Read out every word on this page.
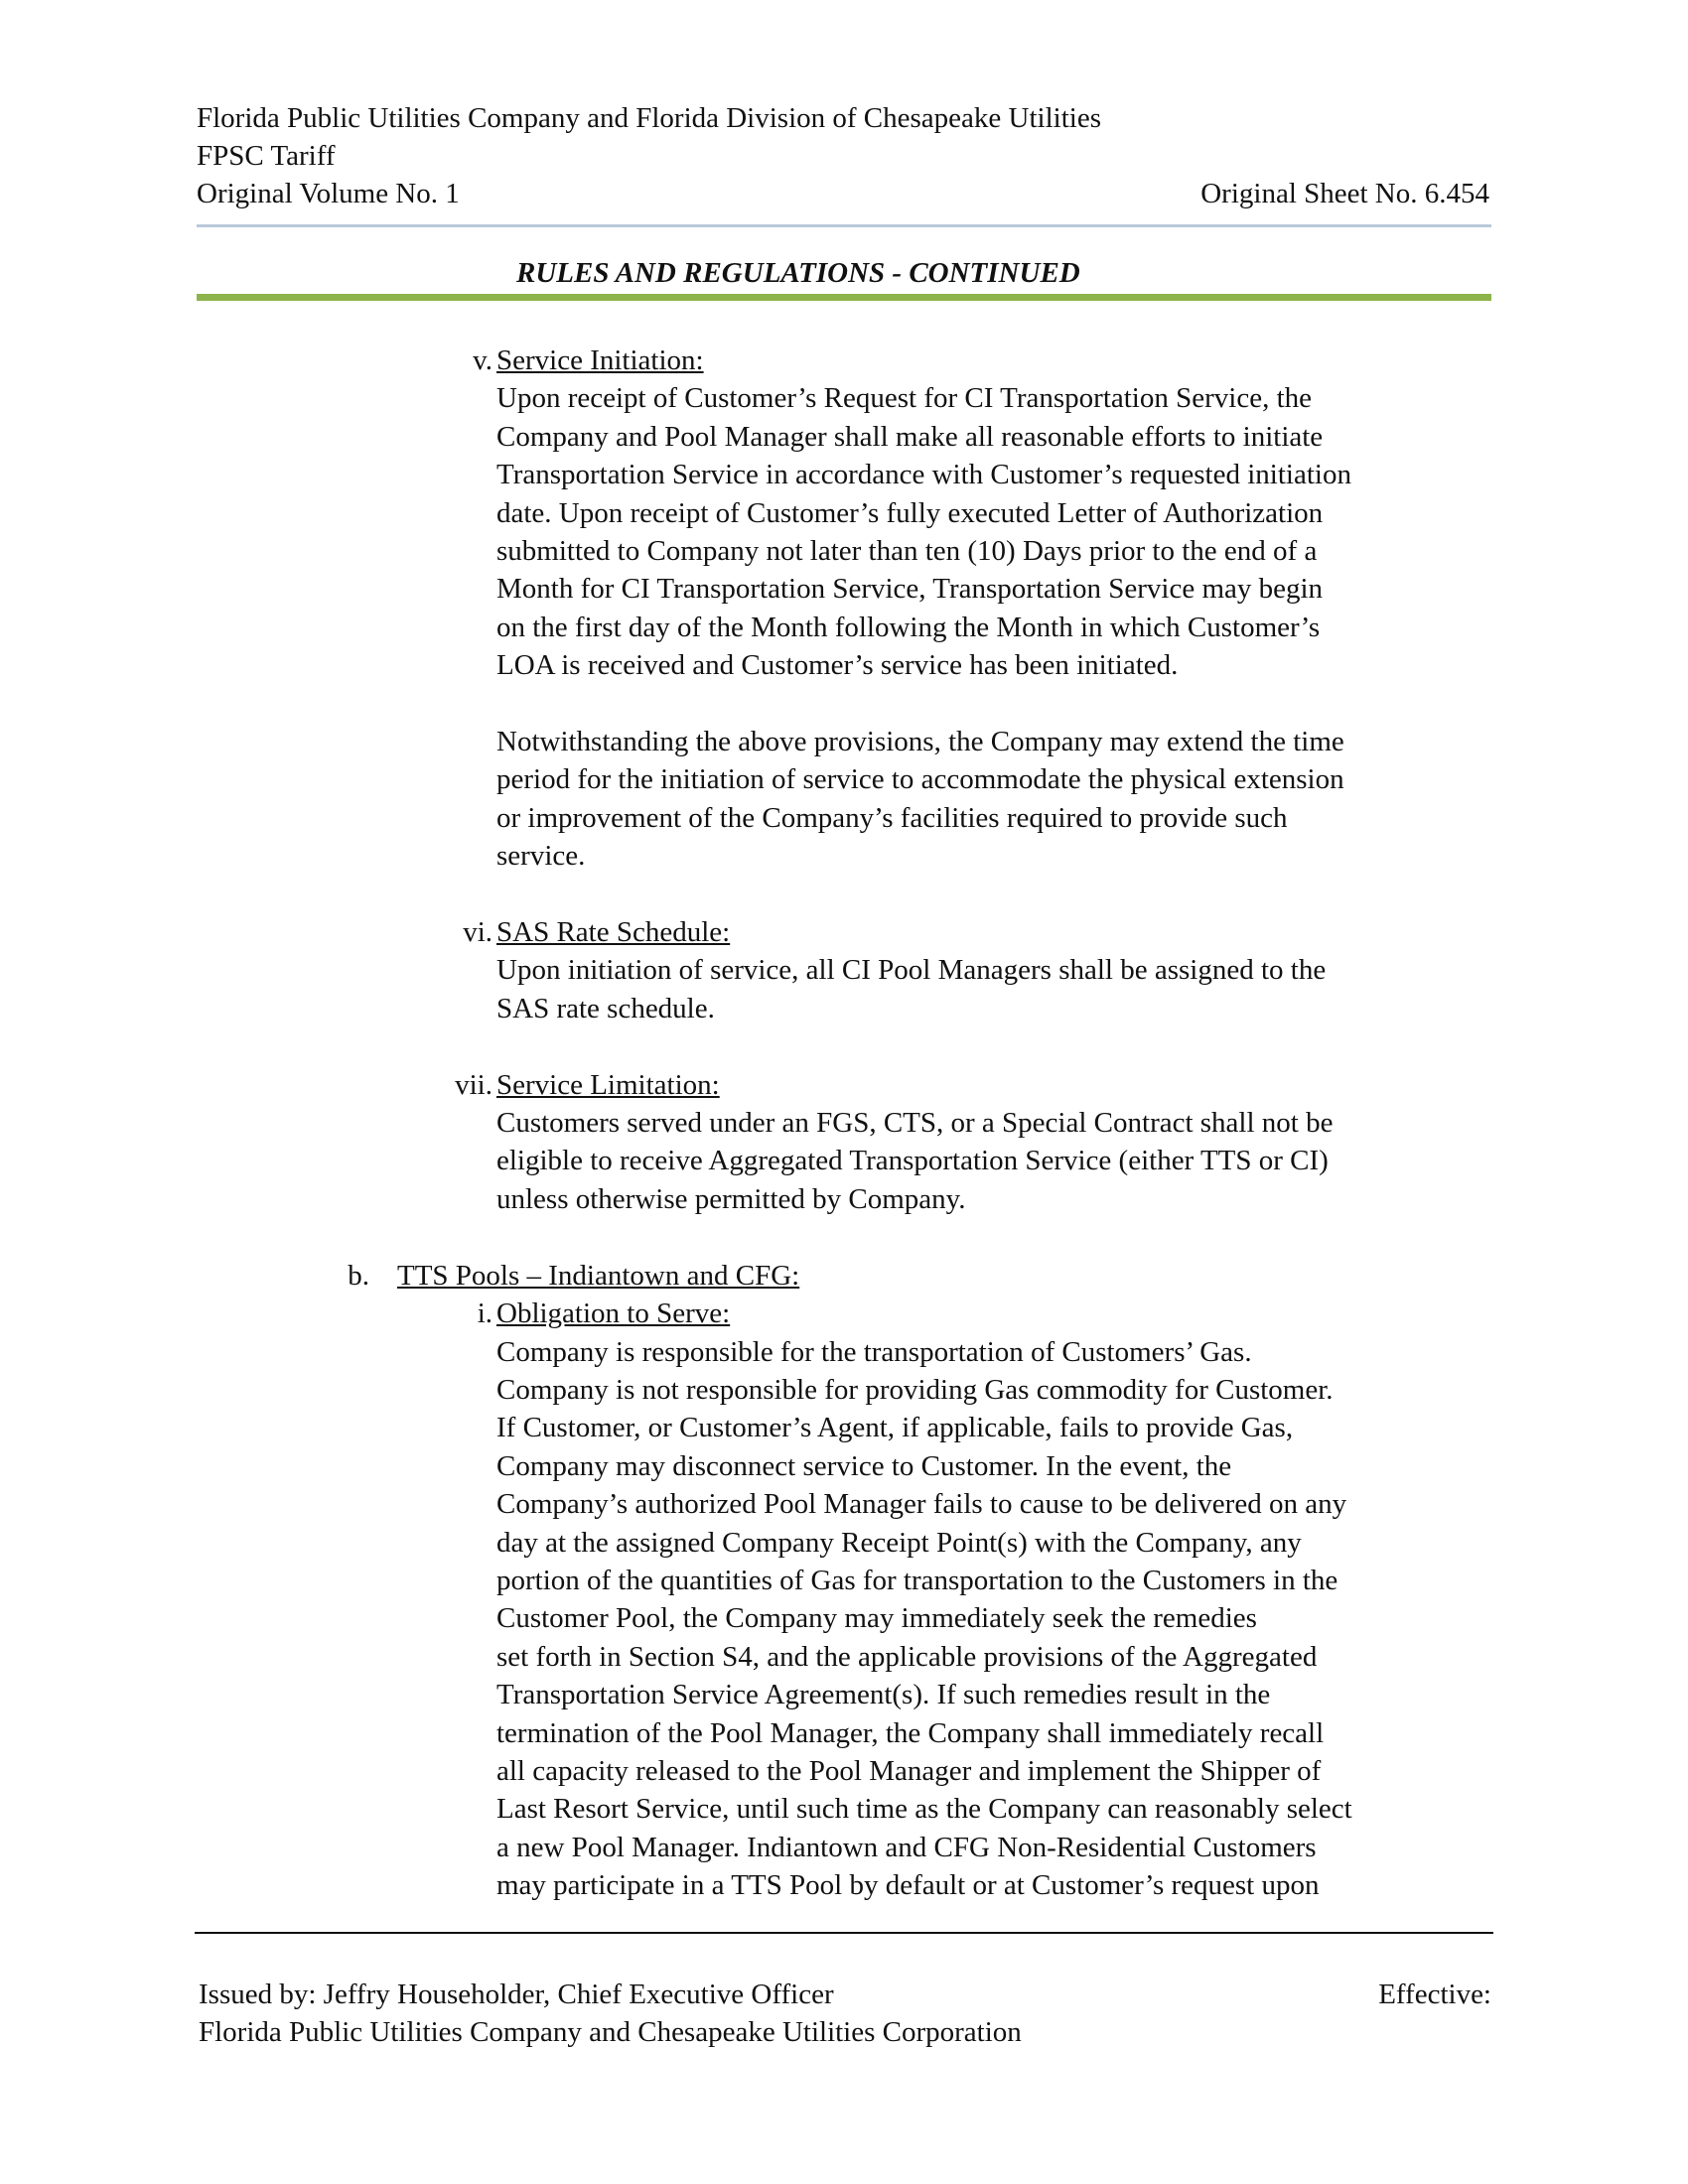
Florida Public Utilities Company and Florida Division of Chesapeake Utilities
FPSC Tariff
Original Volume No. 1	Original Sheet No. 6.454
RULES AND REGULATIONS - CONTINUED
v. Service Initiation:
Upon receipt of Customer’s Request for CI Transportation Service, the
Company and Pool Manager shall make all reasonable efforts to initiate
Transportation Service in accordance with Customer’s requested initiation
date. Upon receipt of Customer’s fully executed Letter of Authorization
submitted to Company not later than ten (10) Days prior to the end of a
Month for CI Transportation Service, Transportation Service may begin
on the first day of the Month following the Month in which Customer’s
LOA is received and Customer’s service has been initiated.
Notwithstanding the above provisions, the Company may extend the time
period for the initiation of service to accommodate the physical extension
or improvement of the Company’s facilities required to provide such
service.
vi. SAS Rate Schedule:
Upon initiation of service, all CI Pool Managers shall be assigned to the
SAS rate schedule.
vii. Service Limitation:
Customers served under an FGS, CTS, or a Special Contract shall not be
eligible to receive Aggregated Transportation Service (either TTS or CI)
unless otherwise permitted by Company.
b. TTS Pools – Indiantown and CFG:
i. Obligation to Serve:
Company is responsible for the transportation of Customers’ Gas.
Company is not responsible for providing Gas commodity for Customer.
If Customer, or Customer’s Agent, if applicable, fails to provide Gas,
Company may disconnect service to Customer. In the event, the
Company’s authorized Pool Manager fails to cause to be delivered on any
day at the assigned Company Receipt Point(s) with the Company, any
portion of the quantities of Gas for transportation to the Customers in the
Customer Pool, the Company may immediately seek the remedies
set forth in Section S4, and the applicable provisions of the Aggregated
Transportation Service Agreement(s). If such remedies result in the
termination of the Pool Manager, the Company shall immediately recall
all capacity released to the Pool Manager and implement the Shipper of
Last Resort Service, until such time as the Company can reasonably select
a new Pool Manager. Indiantown and CFG Non-Residential Customers
may participate in a TTS Pool by default or at Customer’s request upon
Issued by: Jeffry Householder, Chief Executive Officer	Effective:
Florida Public Utilities Company and Chesapeake Utilities Corporation
